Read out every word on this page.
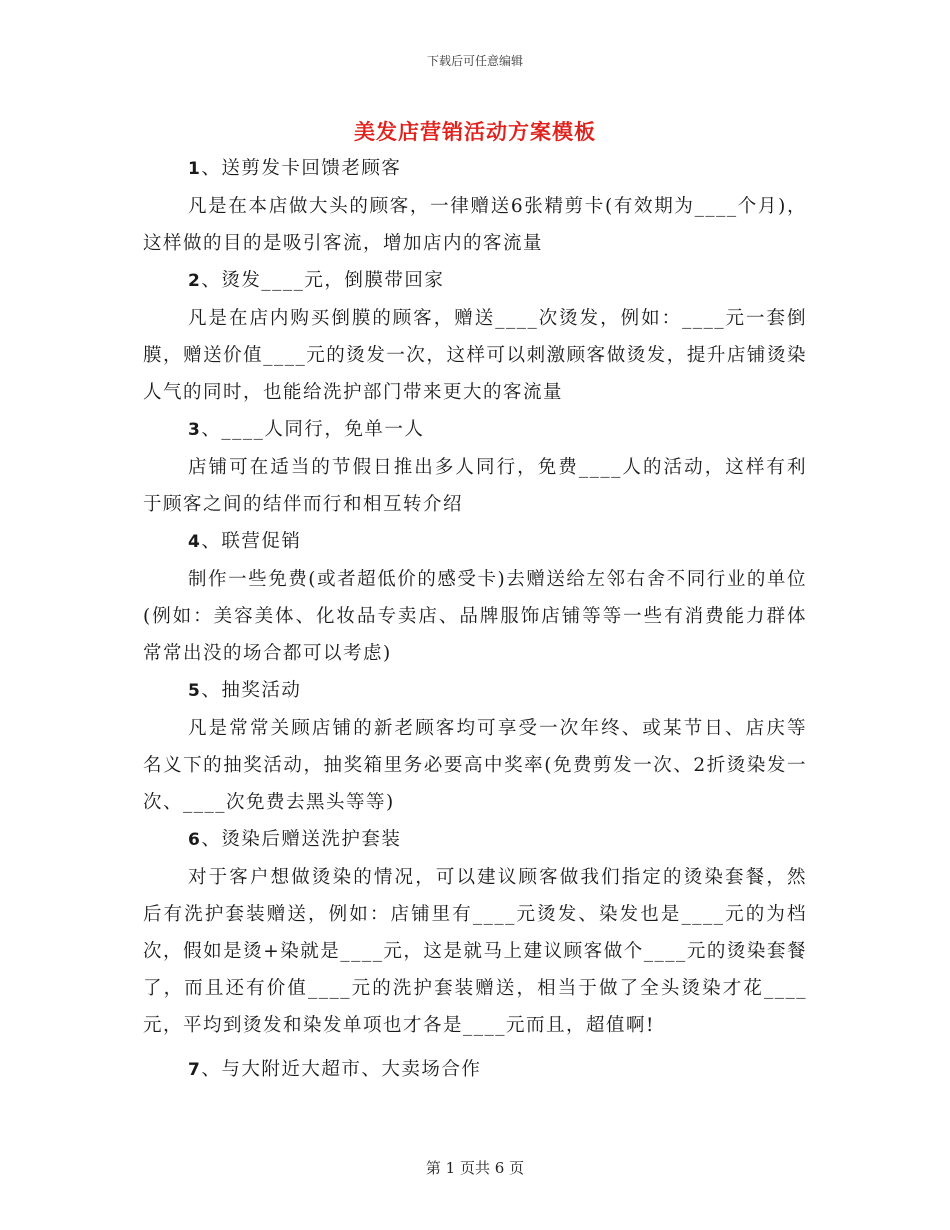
下载后可任意编辑
美发店营销活动方案模板
1、送剪发卡回馈老顾客

凡是在本店做大头的顾客，一律赠送6张精剪卡(有效期为____个月)，这样做的目的是吸引客流，增加店内的客流量

2、烫发____元，倒膜带回家

凡是在店内购买倒膜的顾客，赠送____次烫发，例如：____元一套倒膜，赠送价值____元的烫发一次，这样可以刺激顾客做烫发，提升店铺烫染人气的同时，也能给洗护部门带来更大的客流量

3、____人同行，免单一人

店铺可在适当的节假日推出多人同行，免费____人的活动，这样有利于顾客之间的结伴而行和相互转介绍

4、联营促销

制作一些免费(或者超低价的感受卡)去赠送给左邻右舍不同行业的单位(例如：美容美体、化妆品专卖店、品牌服饰店铺等等一些有消费能力群体常常出没的场合都可以考虑)

5、抽奖活动

凡是常常关顾店铺的新老顾客均可享受一次年终、或某节日、店庆等名义下的抽奖活动，抽奖箱里务必要高中奖率(免费剪发一次、2折烫染发一次、____次免费去黑头等等)

6、烫染后赠送洗护套装

对于客户想做烫染的情况，可以建议顾客做我们指定的烫染套餐，然后有洗护套装赠送，例如：店铺里有____元烫发、染发也是____元的为档次，假如是烫+染就是____元，这是就马上建议顾客做个____元的烫染套餐了，而且还有价值____元的洗护套装赠送，相当于做了全头烫染才花____元，平均到烫发和染发单项也才各是____元而且，超值啊!

7、与大附近大超市、大卖场合作
第 1 页共 6 页
